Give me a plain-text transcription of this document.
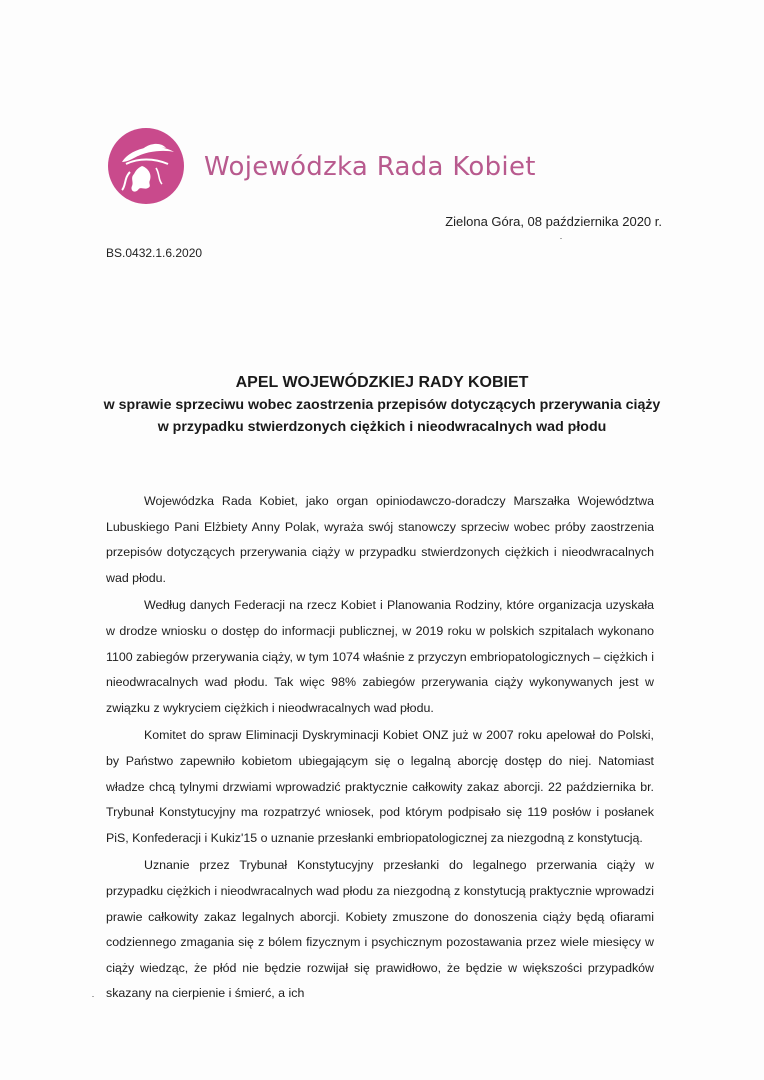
Wojewódzka Rada Kobiet
Zielona Góra, 08 października 2020 r.
BS.0432.1.6.2020
APEL WOJEWÓDZKIEJ RADY KOBIET
w sprawie sprzeciwu wobec zaostrzenia przepisów dotyczących przerywania ciąży
w przypadku stwierdzonych ciężkich i nieodwracalnych wad płodu

Wojewódzka Rada Kobiet, jako organ opiniodawczo-doradczy Marszałka Województwa Lubuskiego Pani Elżbiety Anny Polak, wyraża swój stanowczy sprzeciw wobec próby zaostrzenia przepisów dotyczących przerywania ciąży w przypadku stwierdzonych ciężkich i nieodwracalnych wad płodu.

Według danych Federacji na rzecz Kobiet i Planowania Rodziny, które organizacja uzyskała w drodze wniosku o dostęp do informacji publicznej, w 2019 roku w polskich szpitalach wykonano 1100 zabiegów przerywania ciąży, w tym 1074 właśnie z przyczyn embriopatologicznych – ciężkich i nieodwracalnych wad płodu. Tak więc 98% zabiegów przerywania ciąży wykonywanych jest w związku z wykryciem ciężkich i nieodwracalnych wad płodu.

Komitet do spraw Eliminacji Dyskryminacji Kobiet ONZ już w 2007 roku apelował do Polski, by Państwo zapewniło kobietom ubiegającym się o legalną aborcję dostęp do niej. Natomiast władze chcą tylnymi drzwiami wprowadzić praktycznie całkowity zakaz aborcji. 22 października br. Trybunał Konstytucyjny ma rozpatrzyć wniosek, pod którym podpisało się 119 posłów i posłanek PiS, Konfederacji i Kukiz'15 o uznanie przesłanki embriopatologicznej za niezgodną z konstytucją.

Uznanie przez Trybunał Konstytucyjny przesłanki do legalnego przerwania ciąży w przypadku ciężkich i nieodwracalnych wad płodu za niezgodną z konstytucją praktycznie wprowadzi prawie całkowity zakaz legalnych aborcji. Kobiety zmuszone do donoszenia ciąży będą ofiarami codziennego zmagania się z bólem fizycznym i psychicznym pozostawania przez wiele miesięcy w ciąży wiedząc, że płód nie będzie rozwijał się prawidłowo, że będzie w większości przypadków skazany na cierpienie i śmierć, a ich
